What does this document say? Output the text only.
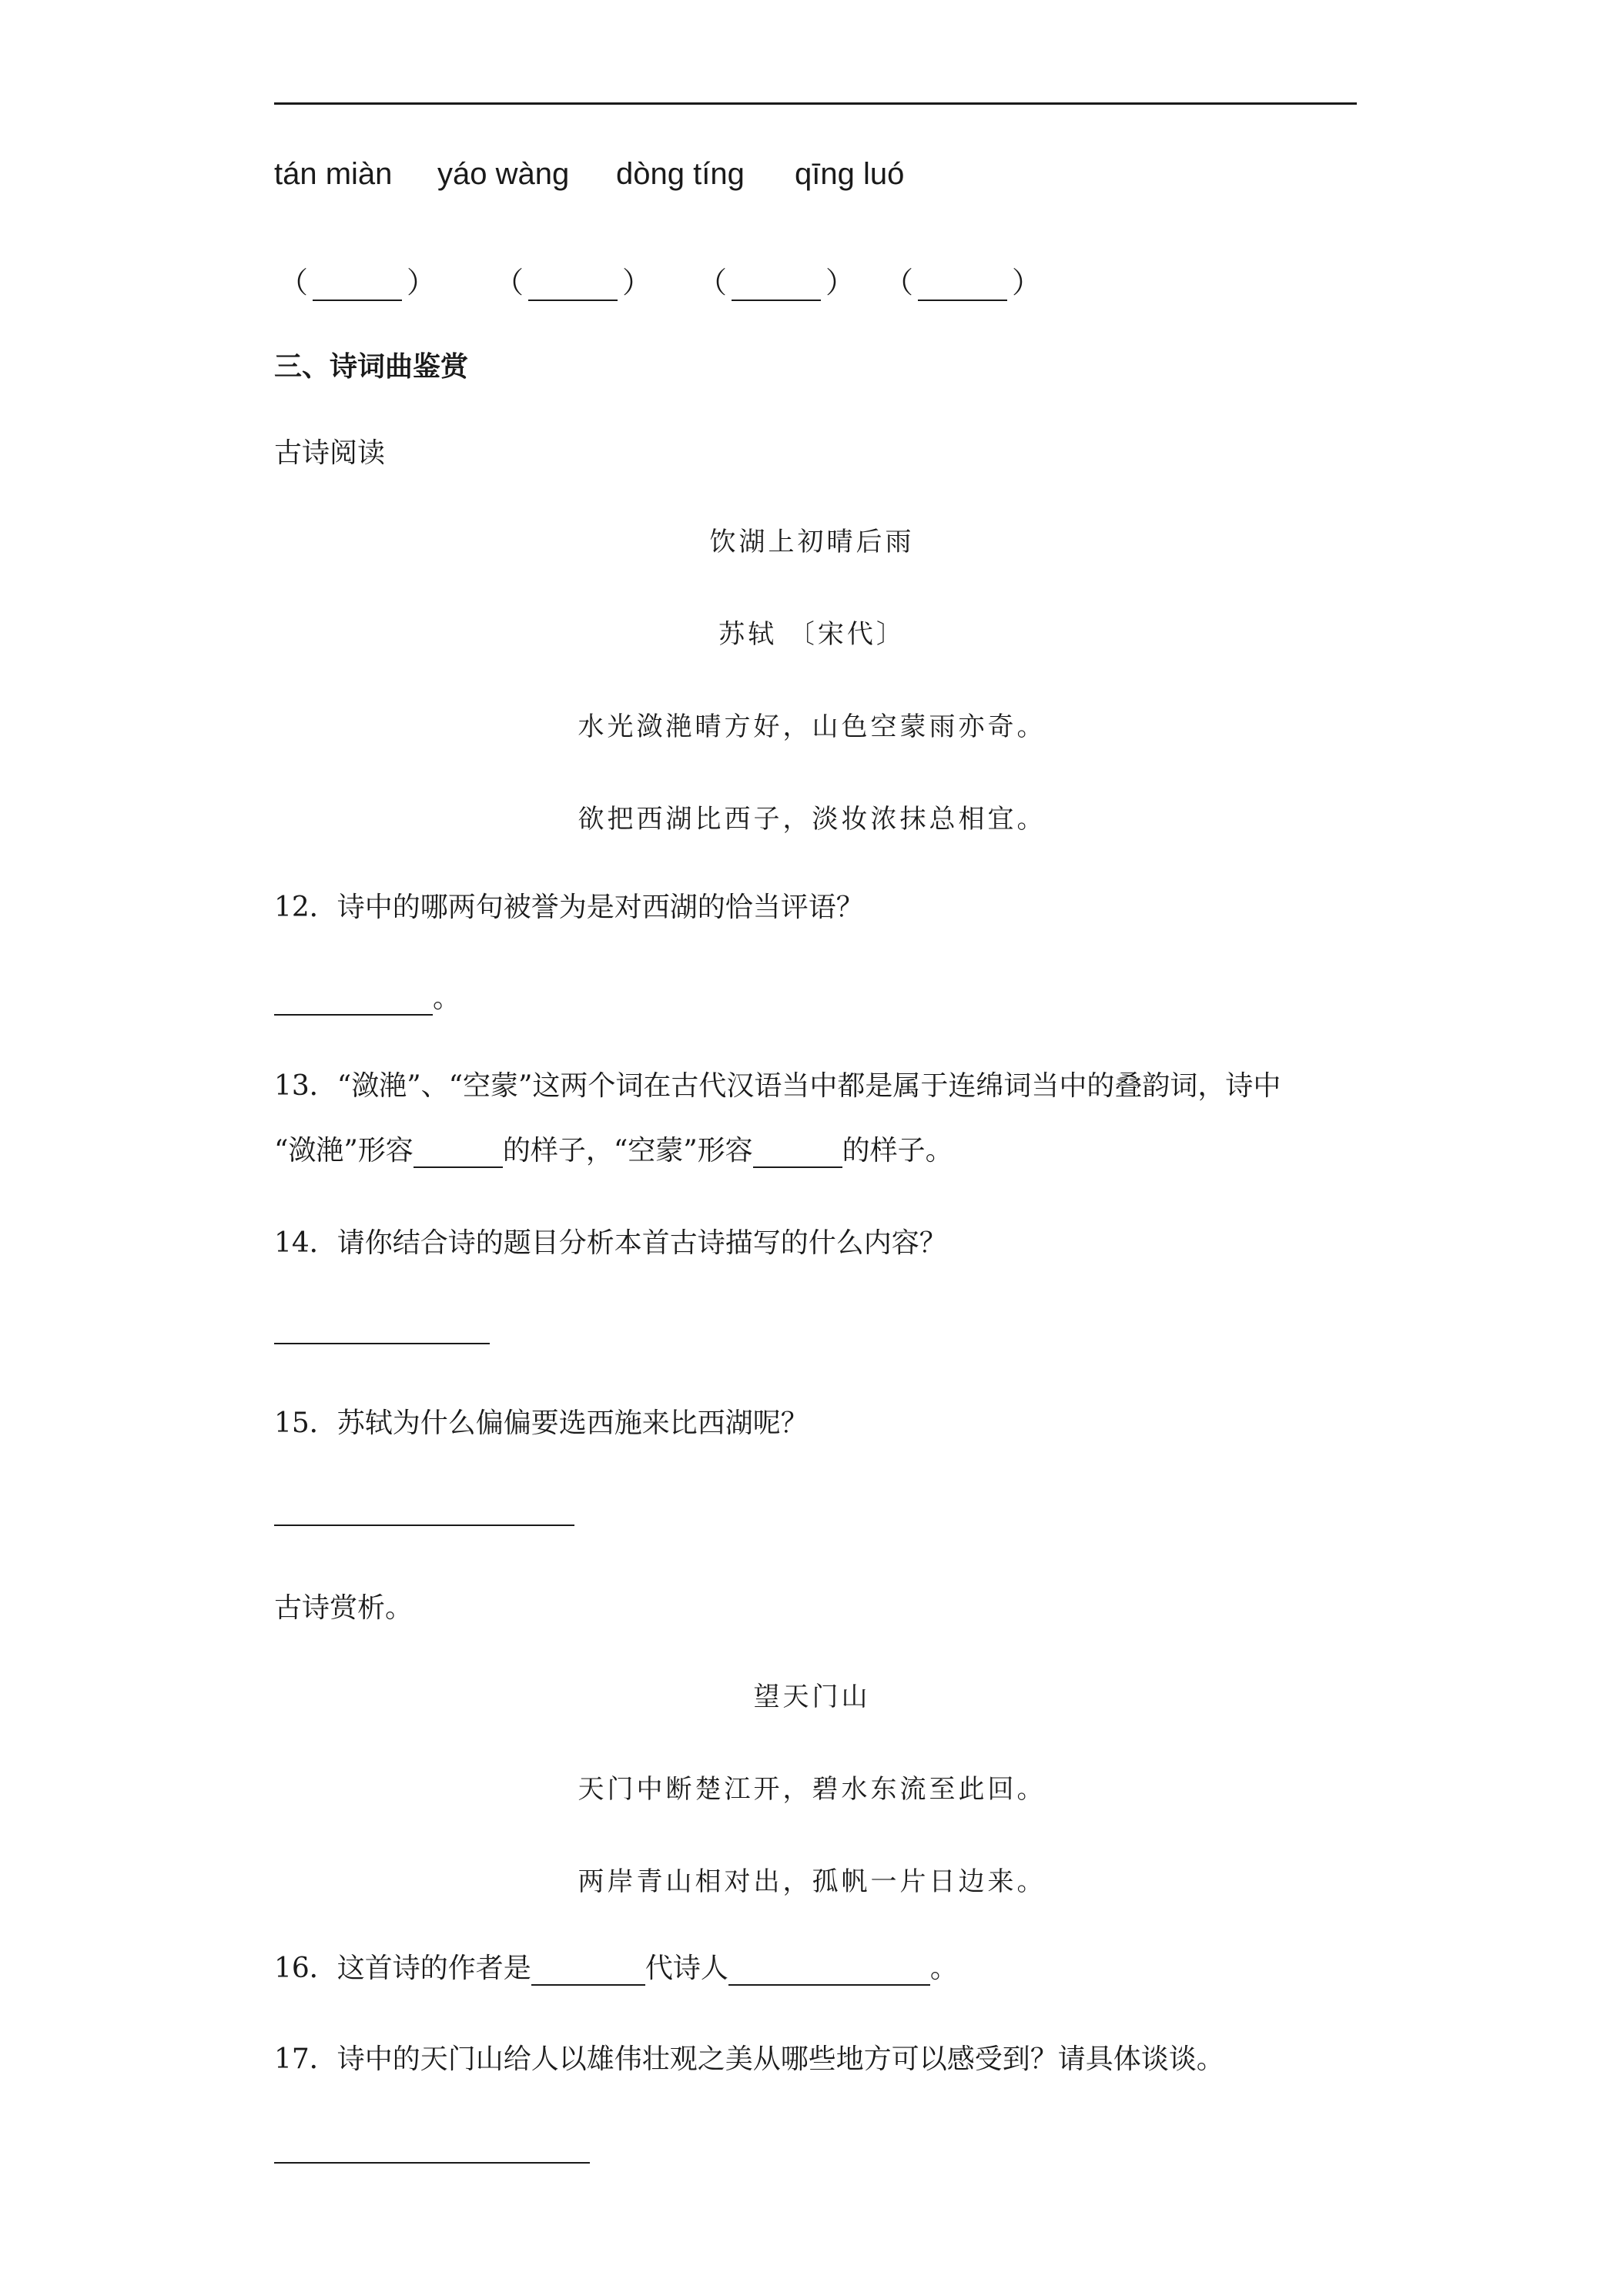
tán miàn yáo wàng dòng tíng qīng luó
（	） （	） （	） （	）
三、诗词曲鉴赏
古诗阅读
饮湖上初晴后雨
苏轼 〔宋代〕
水光潋滟晴方好，山色空蒙雨亦奇。
欲把西湖比西子，淡妆浓抹总相宜。
12．诗中的哪两句被誉为是对西湖的恰当评语？
。
13．“潋滟”、“空蒙”这两个词在古代汉语当中都是属于连绵词当中的叠韵词，诗中
“潋滟”形容	的样子，“空蒙”形容	的样子。
14．请你结合诗的题目分析本首古诗描写的什么内容？
15．苏轼为什么偏偏要选西施来比西湖呢？
古诗赏析。
望天门山
天门中断楚江开，碧水东流至此回。
两岸青山相对出，孤帆一片日边来。
16．这首诗的作者是	代诗人	。
17．诗中的天门山给人以雄伟壮观之美从哪些地方可以感受到？请具体谈谈。
